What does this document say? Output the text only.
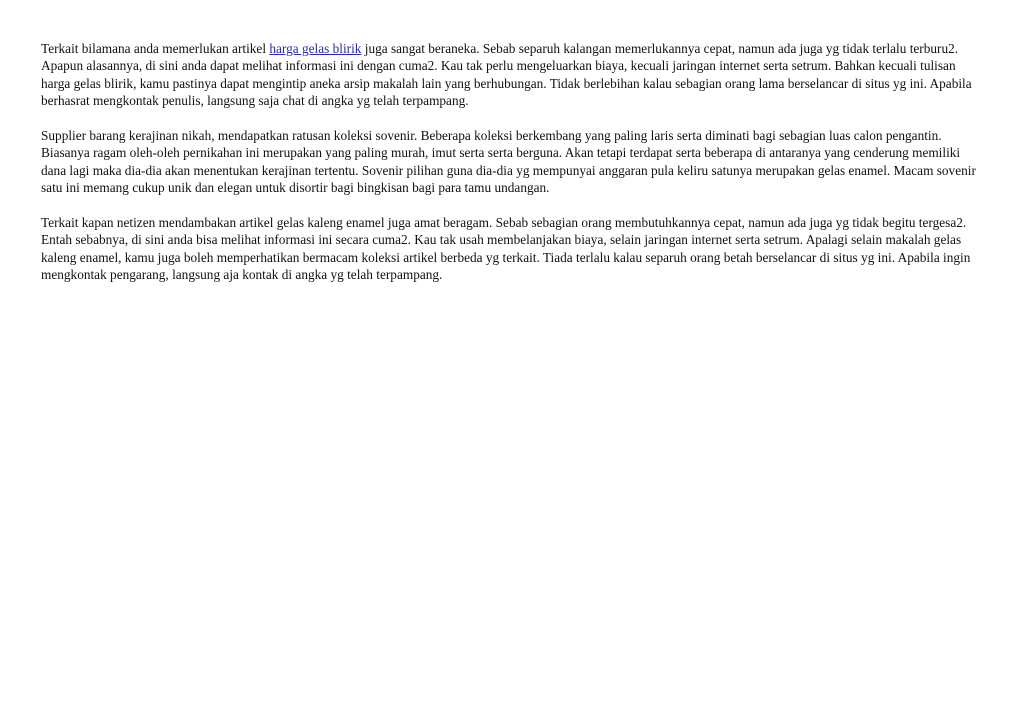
Terkait bilamana anda memerlukan artikel harga gelas blirik juga sangat beraneka. Sebab separuh kalangan memerlukannya cepat, namun ada juga yg tidak terlalu terburu2. Apapun alasannya, di sini anda dapat melihat informasi ini dengan cuma2. Kau tak perlu mengeluarkan biaya, kecuali jaringan internet serta setrum. Bahkan kecuali tulisan harga gelas blirik, kamu pastinya dapat mengintip aneka arsip makalah lain yang berhubungan. Tidak berlebihan kalau sebagian orang lama berselancar di situs yg ini. Apabila berhasrat mengkontak penulis, langsung saja chat di angka yg telah terpampang.

Supplier barang kerajinan nikah, mendapatkan ratusan koleksi sovenir. Beberapa koleksi berkembang yang paling laris serta diminati bagi sebagian luas calon pengantin. Biasanya ragam oleh-oleh pernikahan ini merupakan yang paling murah, imut serta serta berguna. Akan tetapi terdapat serta beberapa di antaranya yang cenderung memiliki dana lagi maka dia-dia akan menentukan kerajinan tertentu. Sovenir pilihan guna dia-dia yg mempunyai anggaran pula keliru satunya merupakan gelas enamel. Macam sovenir satu ini memang cukup unik dan elegan untuk disortir bagi bingkisan bagi para tamu undangan.

Terkait kapan netizen mendambakan artikel gelas kaleng enamel juga amat beragam. Sebab sebagian orang membutuhkannya cepat, namun ada juga yg tidak begitu tergesa2. Entah sebabnya, di sini anda bisa melihat informasi ini secara cuma2. Kau tak usah membelanjakan biaya, selain jaringan internet serta setrum. Apalagi selain makalah gelas kaleng enamel, kamu juga boleh memperhatikan bermacam koleksi artikel berbeda yg terkait. Tiada terlalu kalau separuh orang betah berselancar di situs yg ini. Apabila ingin mengkontak pengarang, langsung aja kontak di angka yg telah terpampang.
